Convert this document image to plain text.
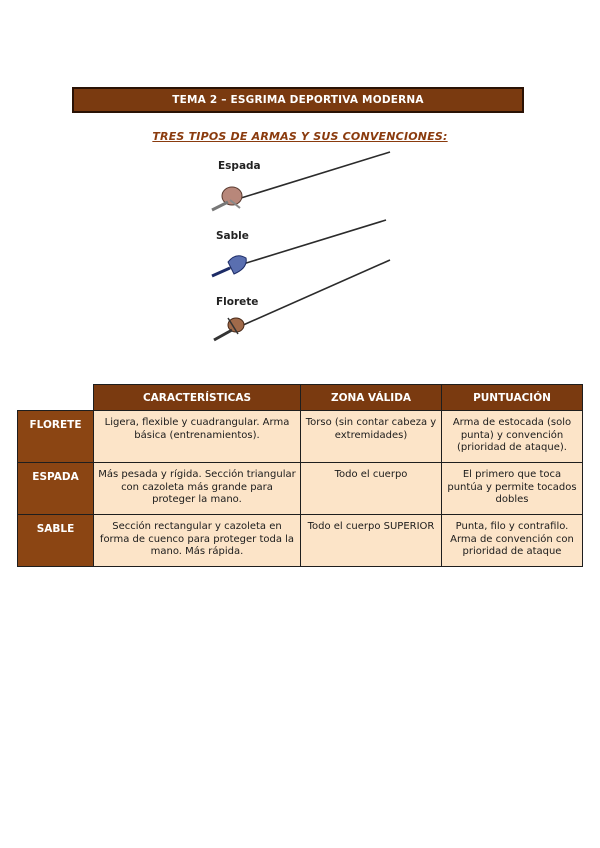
TEMA 2 – ESGRIMA DEPORTIVA MODERNA
TRES TIPOS DE ARMAS Y SUS CONVENCIONES:
Espada
Sable
Florete
	CARACTERÍSTICAS	ZONA VÁLIDA	PUNTUACIÓN
FLORETE	Ligera, flexible y cuadrangular. Arma básica (entrenamientos).	Torso (sin contar cabeza y extremidades)	Arma de estocada (solo punta) y convención (prioridad de ataque).
ESPADA	Más pesada y rígida. Sección triangular con cazoleta más grande para proteger la mano.	Todo el cuerpo	El primero que toca puntúa y permite tocados dobles
SABLE	Sección rectangular y cazoleta en forma de cuenco para proteger toda la mano. Más rápida.	Todo el cuerpo SUPERIOR	Punta, filo y contrafilo. Arma de convención con prioridad de ataque
